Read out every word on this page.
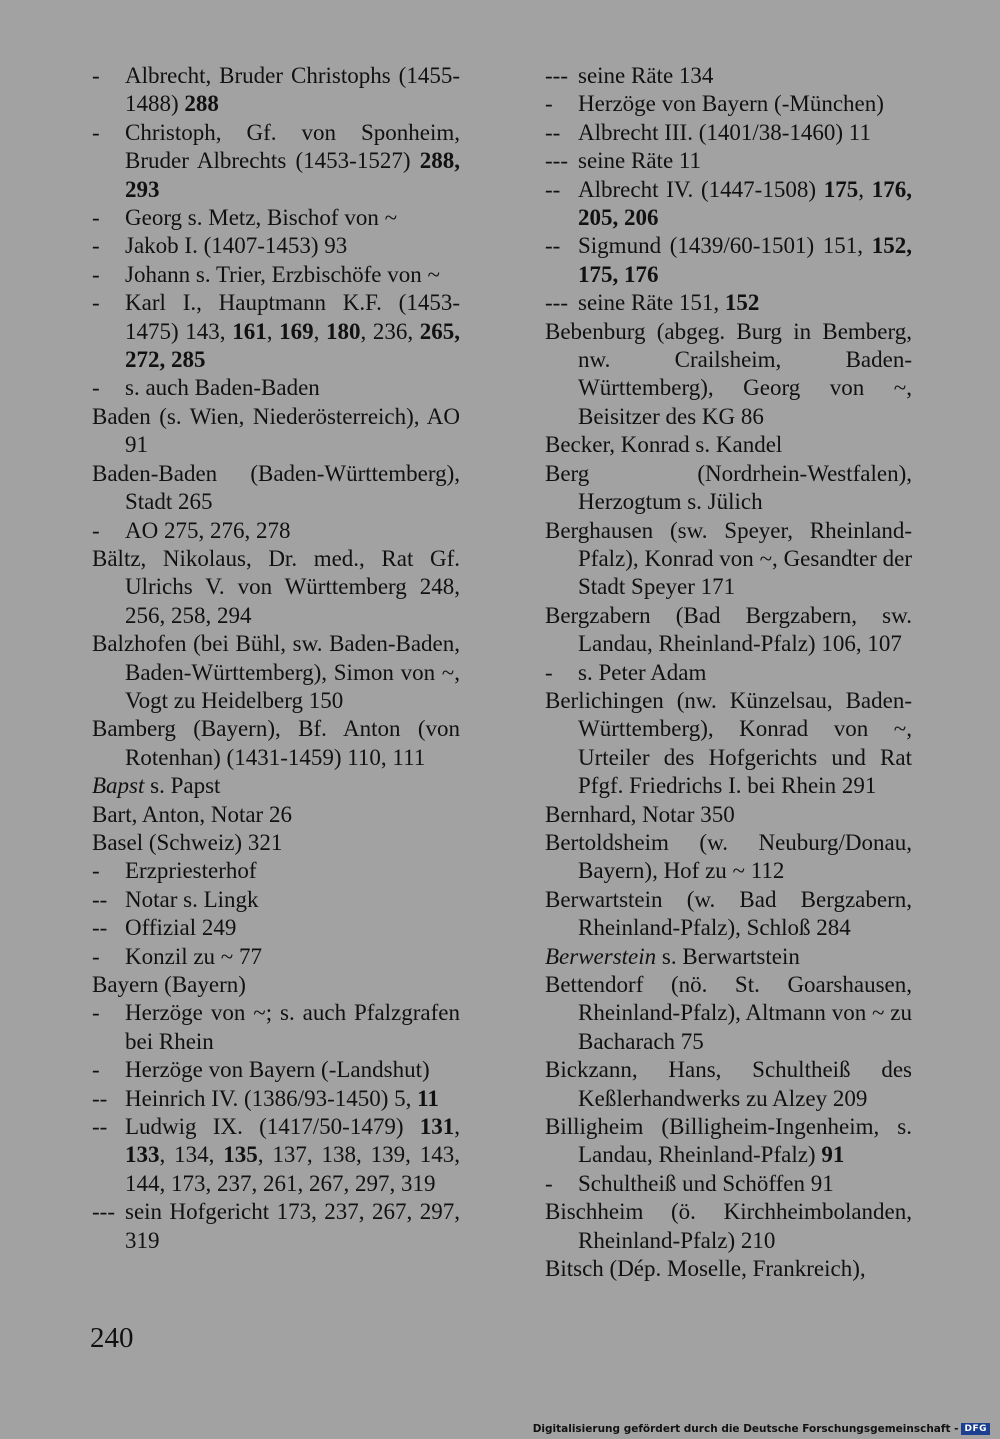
- Albrecht, Bruder Christophs (1455-1488) 288
- Christoph, Gf. von Sponheim, Bruder Albrechts (1453-1527) 288, 293
- Georg s. Metz, Bischof von ~
- Jakob I. (1407-1453) 93
- Johann s. Trier, Erzbischöfe von ~
- Karl I., Hauptmann K.F. (1453-1475) 143, 161, 169, 180, 236, 265, 272, 285
- s. auch Baden-Baden
Baden (s. Wien, Niederösterreich), AO 91
Baden-Baden (Baden-Württemberg), Stadt 265
- AO 275, 276, 278
Bältz, Nikolaus, Dr. med., Rat Gf. Ulrichs V. von Württemberg 248, 256, 258, 294
Balzhofen (bei Bühl, sw. Baden-Baden, Baden-Württemberg), Simon von ~, Vogt zu Heidelberg 150
Bamberg (Bayern), Bf. Anton (von Rotenhan) (1431-1459) 110, 111
Bapst s. Papst
Bart, Anton, Notar 26
Basel (Schweiz) 321
- Erzpriesterhof
-- Notar s. Lingk
-- Offizial 249
- Konzil zu ~ 77
Bayern (Bayern)
- Herzöge von ~; s. auch Pfalzgrafen bei Rhein
- Herzöge von Bayern (-Landshut)
-- Heinrich IV. (1386/93-1450) 5, 11
-- Ludwig IX. (1417/50-1479) 131, 133, 134, 135, 137, 138, 139, 143, 144, 173, 237, 261, 267, 297, 319
--- sein Hofgericht 173, 237, 267, 297, 319
--- seine Räte 134
- Herzöge von Bayern (-München)
-- Albrecht III. (1401/38-1460) 11
--- seine Räte 11
-- Albrecht IV. (1447-1508) 175, 176, 205, 206
-- Sigmund (1439/60-1501) 151, 152, 175, 176
--- seine Räte 151, 152
Bebenburg (abgeg. Burg in Bemberg, nw. Crailsheim, Baden-Württemberg), Georg von ~, Beisitzer des KG 86
Becker, Konrad s. Kandel
Berg (Nordrhein-Westfalen), Herzogtum s. Jülich
Berghausen (sw. Speyer, Rheinland-Pfalz), Konrad von ~, Gesandter der Stadt Speyer 171
Bergzabern (Bad Bergzabern, sw. Landau, Rheinland-Pfalz) 106, 107
- s. Peter Adam
Berlichingen (nw. Künzelsau, Baden-Württemberg), Konrad von ~, Urteiler des Hofgerichts und Rat Pfgf. Friedrichs I. bei Rhein 291
Bernhard, Notar 350
Bertoldsheim (w. Neuburg/Donau, Bayern), Hof zu ~ 112
Berwartstein (w. Bad Bergzabern, Rheinland-Pfalz), Schloß 284
Berwerstein s. Berwartstein
Bettendorf (nö. St. Goarshausen, Rheinland-Pfalz), Altmann von ~ zu Bacharach 75
Bickzann, Hans, Schultheiß des Keßlerhandwerks zu Alzey 209
Billigheim (Billigheim-Ingenheim, s. Landau, Rheinland-Pfalz) 91
- Schultheiß und Schöffen 91
Bischheim (ö. Kirchheimbolanden, Rheinland-Pfalz) 210
Bitsch (Dép. Moselle, Frankreich),
240
Digitalisierung gefördert durch die Deutsche Forschungsgemeinschaft - DFG
